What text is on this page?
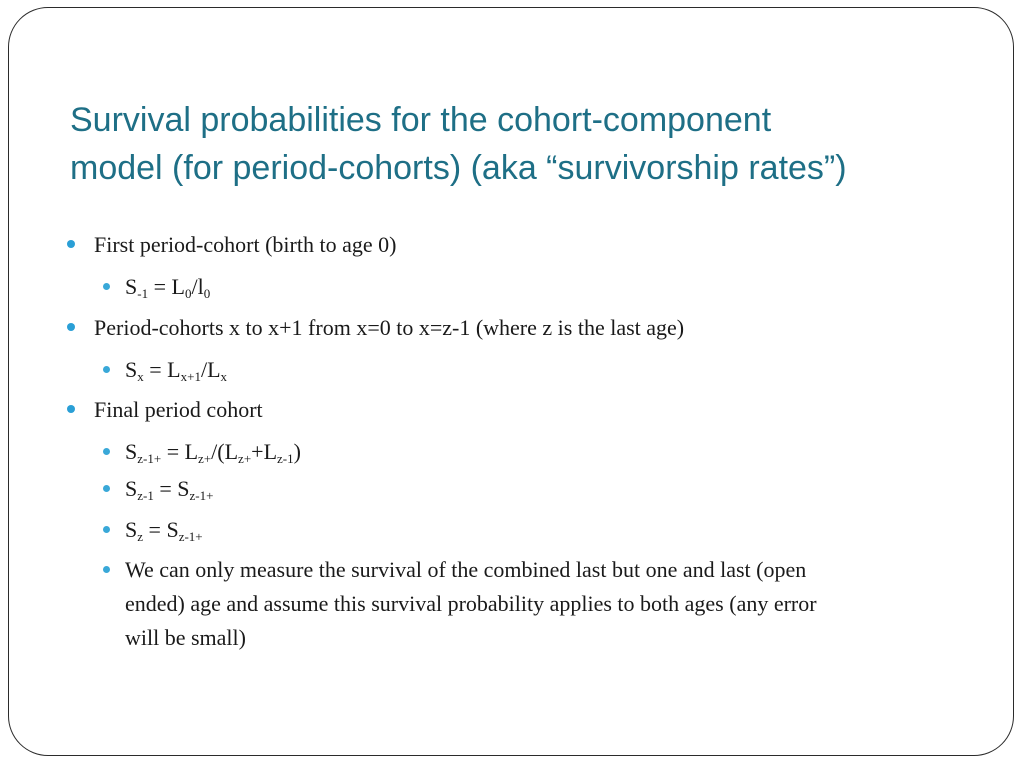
Survival probabilities for the cohort-component
model (for period-cohorts) (aka “survivorship rates”)
First period-cohort (birth to age 0)
$S_{-1} = L_0/l_0$
Period-cohorts x to x+1 from x=0 to x=z-1 (where z is the last age)
$S_x = L_{x+1}/L_x$
Final period cohort
$S_{z-1+} = L_{z+}/(L_{z+}+L_{z-1})$
$S_{z-1} = S_{z-1+}$
$S_z = S_{z-1+}$
We can only measure the survival of the combined last but one and last (open
ended) age and assume this survival probability applies to both ages (any error
will be small)
